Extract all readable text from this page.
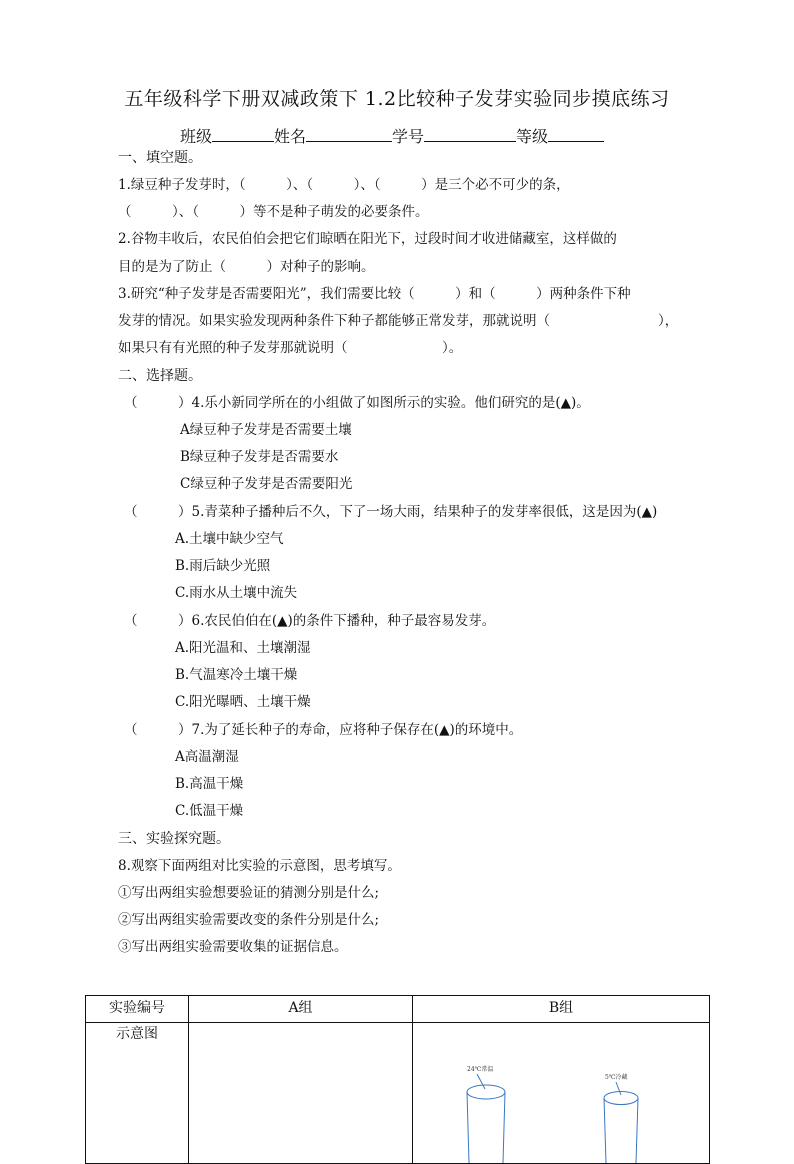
五年级科学下册双减政策下 1.2比较种子发芽实验同步摸底练习
班级	姓名	学号	等级
一、填空题。
1.绿豆种子发芽时，（　　　）、（　　　）、（　　　）是三个必不可少的条，
（　　　）、（　　　）等不是种子萌发的必要条件。
2.谷物丰收后，农民伯伯会把它们晾晒在阳光下，过段时间才收进储藏室，这样做的
目的是为了防止（　　　）对种子的影响。
3.研究“种子发芽是否需要阳光”，我们需要比较（　　　）和（　　　）两种条件下种
发芽的情况。如果实验发现两种条件下种子都能够正常发芽，那就说明（　　　　　　　　），
如果只有有光照的种子发芽那就说明（　　　　　　　）。
二、选择题。
（　　　）4.乐小新同学所在的小组做了如图所示的实验。他们研究的是(▲)。
A绿豆种子发芽是否需要土壤
B绿豆种子发芽是否需要水
C绿豆种子发芽是否需要阳光
（　　　）5.青菜种子播种后不久，下了一场大雨，结果种子的发芽率很低，这是因为(▲)
A.土壤中缺少空气
B.雨后缺少光照
C.雨水从土壤中流失
（　　　）6.农民伯伯在(▲)的条件下播种，种子最容易发芽。
A.阳光温和、土壤潮湿
B.气温寒冷土壤干燥
C.阳光曝晒、土壤干燥
（　　　）7.为了延长种子的寿命，应将种子保存在(▲)的环境中。
A高温潮湿
B.高温干燥
C.低温干燥
三、实验探究题。
8.观察下面两组对比实验的示意图，思考填写。
①写出两组实验想要验证的猜测分别是什么;
②写出两组实验需要改变的条件分别是什么;
③写出两组实验需要收集的证据信息。
实验编号	A组	B组
示意图		24℃常温
5℃冷藏
